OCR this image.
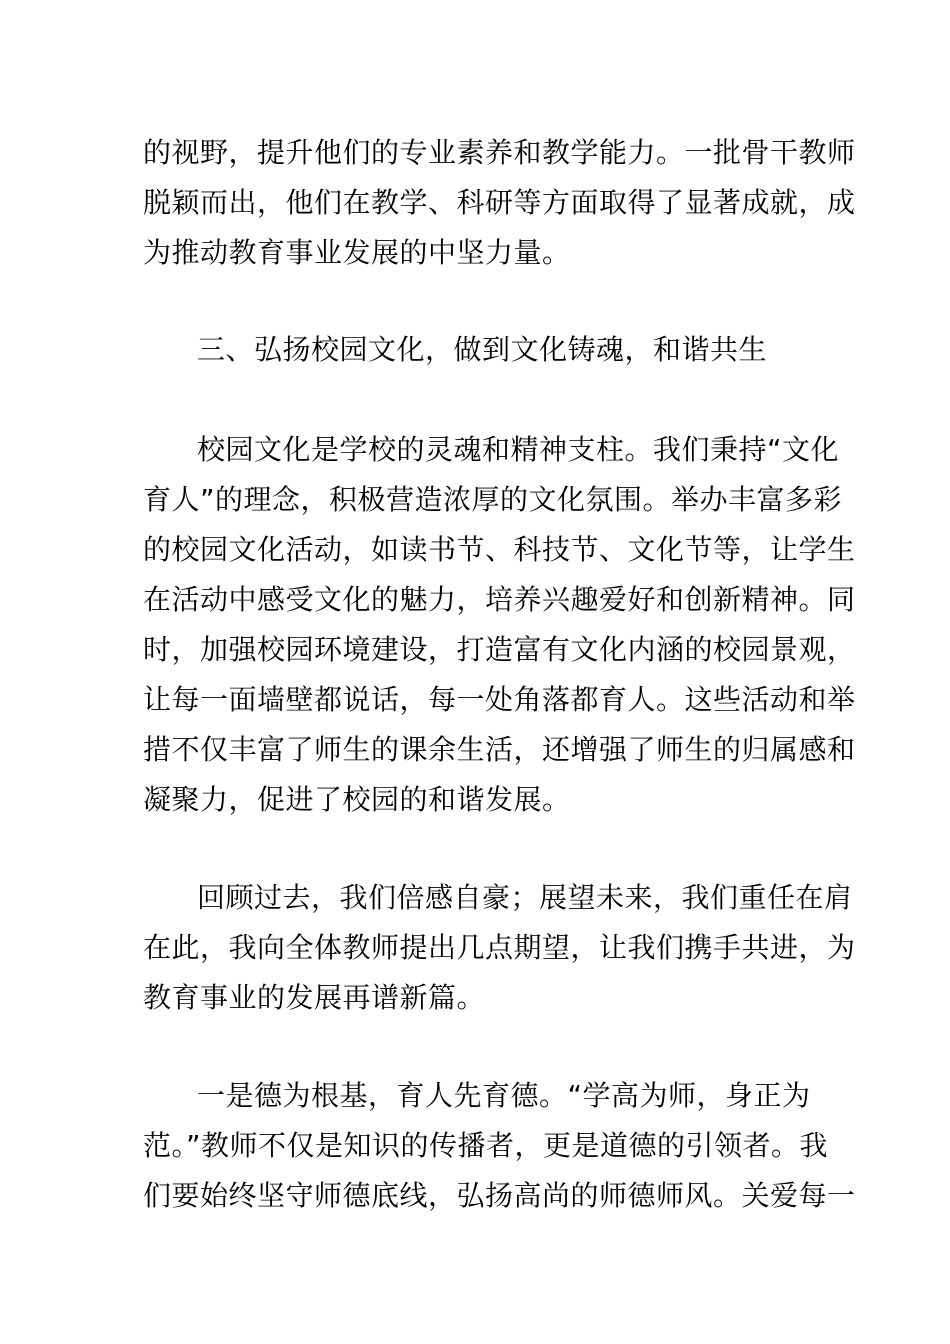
的视野，提升他们的专业素养和教学能力。一批骨干教师
脱颖而出，他们在教学、科研等方面取得了显著成就，成
为推动教育事业发展的中坚力量。
三、弘扬校园文化，做到文化铸魂，和谐共生
校园文化是学校的灵魂和精神支柱。我们秉持“文化
育人”的理念，积极营造浓厚的文化氛围。举办丰富多彩
的校园文化活动，如读书节、科技节、文化节等，让学生
在活动中感受文化的魅力，培养兴趣爱好和创新精神。同
时，加强校园环境建设，打造富有文化内涵的校园景观，
让每一面墙壁都说话，每一处角落都育人。这些活动和举
措不仅丰富了师生的课余生活，还增强了师生的归属感和
凝聚力，促进了校园的和谐发展。
回顾过去，我们倍感自豪；展望未来，我们重任在肩
在此，我向全体教师提出几点期望，让我们携手共进，为
教育事业的发展再谱新篇。
一是德为根基，育人先育德。“学高为师，身正为
范。”教师不仅是知识的传播者，更是道德的引领者。我
们要始终坚守师德底线，弘扬高尚的师德师风。关爱每一
